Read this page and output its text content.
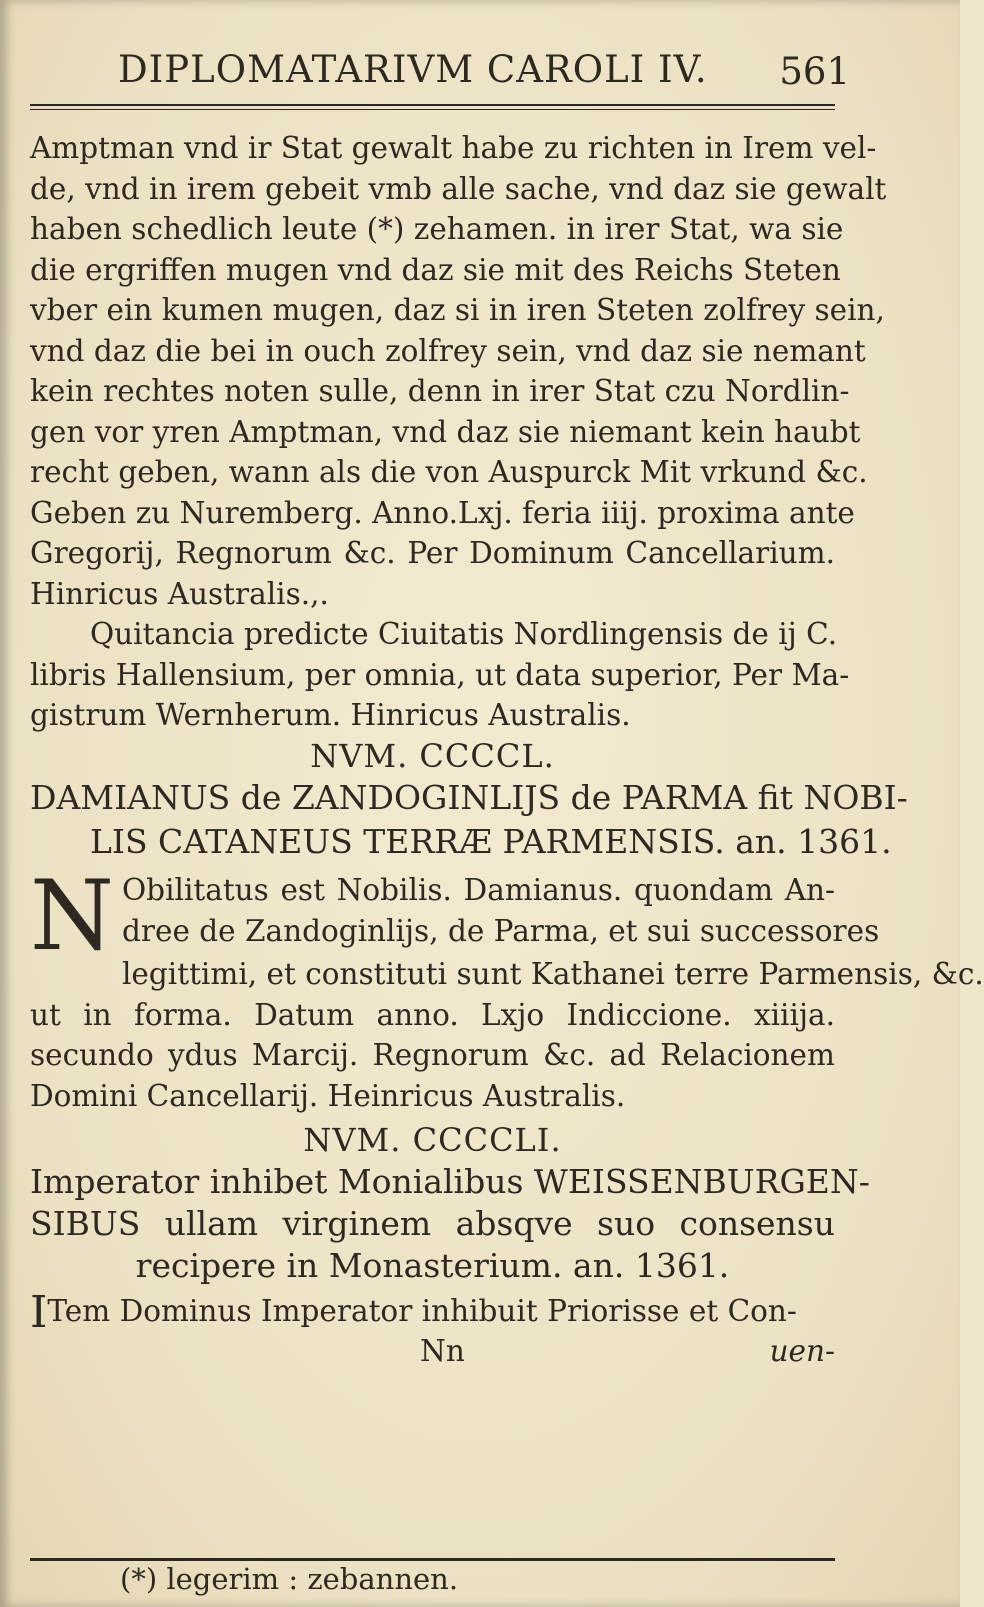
DIPLOMATARIVM CAROLI IV. 561
Amptman vnd ir Stat gewalt habe zu richten in Irem vel-
de, vnd in irem gebeit vmb alle sache, vnd daz sie gewalt
haben schedlich leute (*) zehamen. in irer Stat, wa sie
die ergriffen mugen vnd daz sie mit des Reichs Steten
vber ein kumen mugen, daz si in iren Steten zolfrey sein,
vnd daz die bei in ouch zolfrey sein, vnd daz sie nemant
kein rechtes noten sulle, denn in irer Stat czu Nordlin-
gen vor yren Amptman, vnd daz sie niemant kein haubt
recht geben, wann als die von Auspurck Mit vrkund &c.
Geben zu Nuremberg. Anno.Lxj. feria iiij. proxima ante
Gregorij, Regnorum &c. Per Dominum Cancellarium.
Hinricus Australis.,.
Quitancia predicte Ciuitatis Nordlingensis de ij C.
libris Hallensium, per omnia, ut data superior, Per Ma-
gistrum Wernherum. Hinricus Australis.
NVM. CCCCL.
DAMIANUS de ZANDOGINLIJS de PARMA fit NOBI-
LIS CATANEUS TERRÆ PARMENSIS. an. 1361.
N Obilitatus est Nobilis. Damianus. quondam An-
dree de Zandoginlijs, de Parma, et sui successores
legittimi, et constituti sunt Kathanei terre Parmensis, &c.
ut in forma. Datum anno. Lxjo Indiccione. xiiija.
secundo ydus Marcij. Regnorum &c. ad Relacionem
Domini Cancellarij. Heinricus Australis.
NVM. CCCCLI.
Imperator inhibet Monialibus WEISSENBURGEN-
SIBUS ullam virginem absqve suo consensu
recipere in Monasterium. an. 1361.
ITem Dominus Imperator inhibuit Priorisse et Con-
Nn	uen-
(*) legerim : zebannen.
